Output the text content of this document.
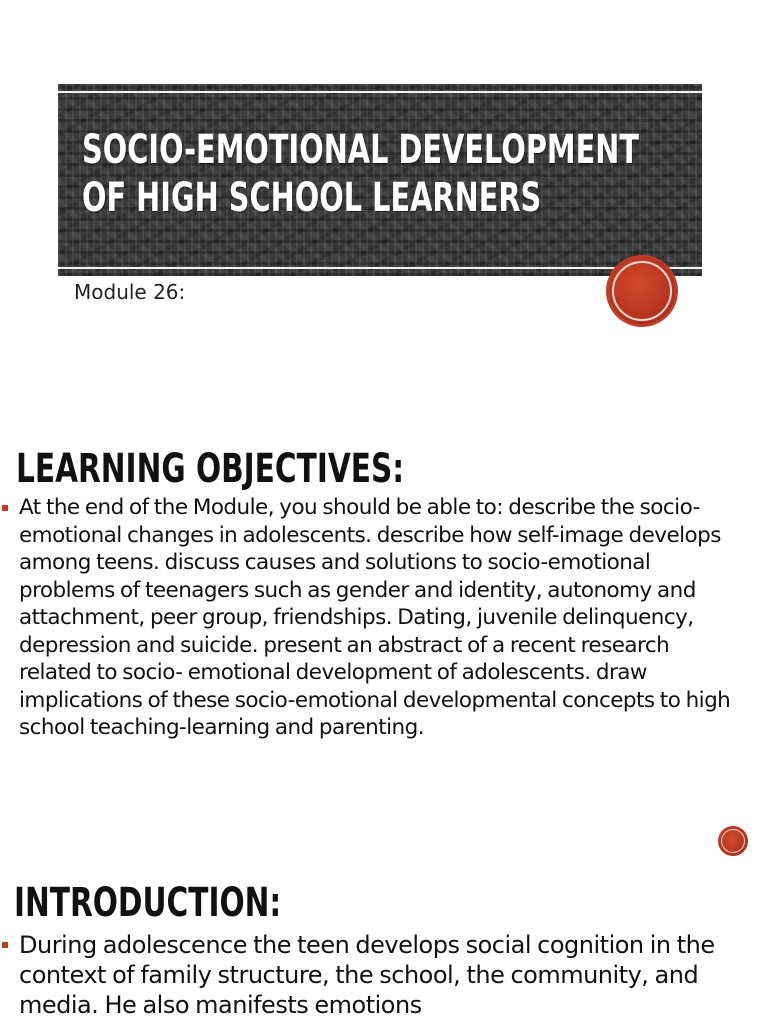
SOCIO-EMOTIONAL DEVELOPMENT
OF HIGH SCHOOL LEARNERS

Module 26:

LEARNING OBJECTIVES:
At the end of the Module, you should be able to: describe the socio-emotional changes in adolescents. describe how self-image develops among teens. discuss causes and solutions to socio-emotional problems of teenagers such as gender and identity, autonomy and attachment, peer group, friendships. Dating, juvenile delinquency, depression and suicide. present an abstract of a recent research related to socio- emotional development of adolescents. draw implications of these socio-emotional developmental concepts to high school teaching-learning and parenting.
INTRODUCTION:
During adolescence the teen develops social cognition in the context of family structure, the school, the community, and media. He also manifests emotions
